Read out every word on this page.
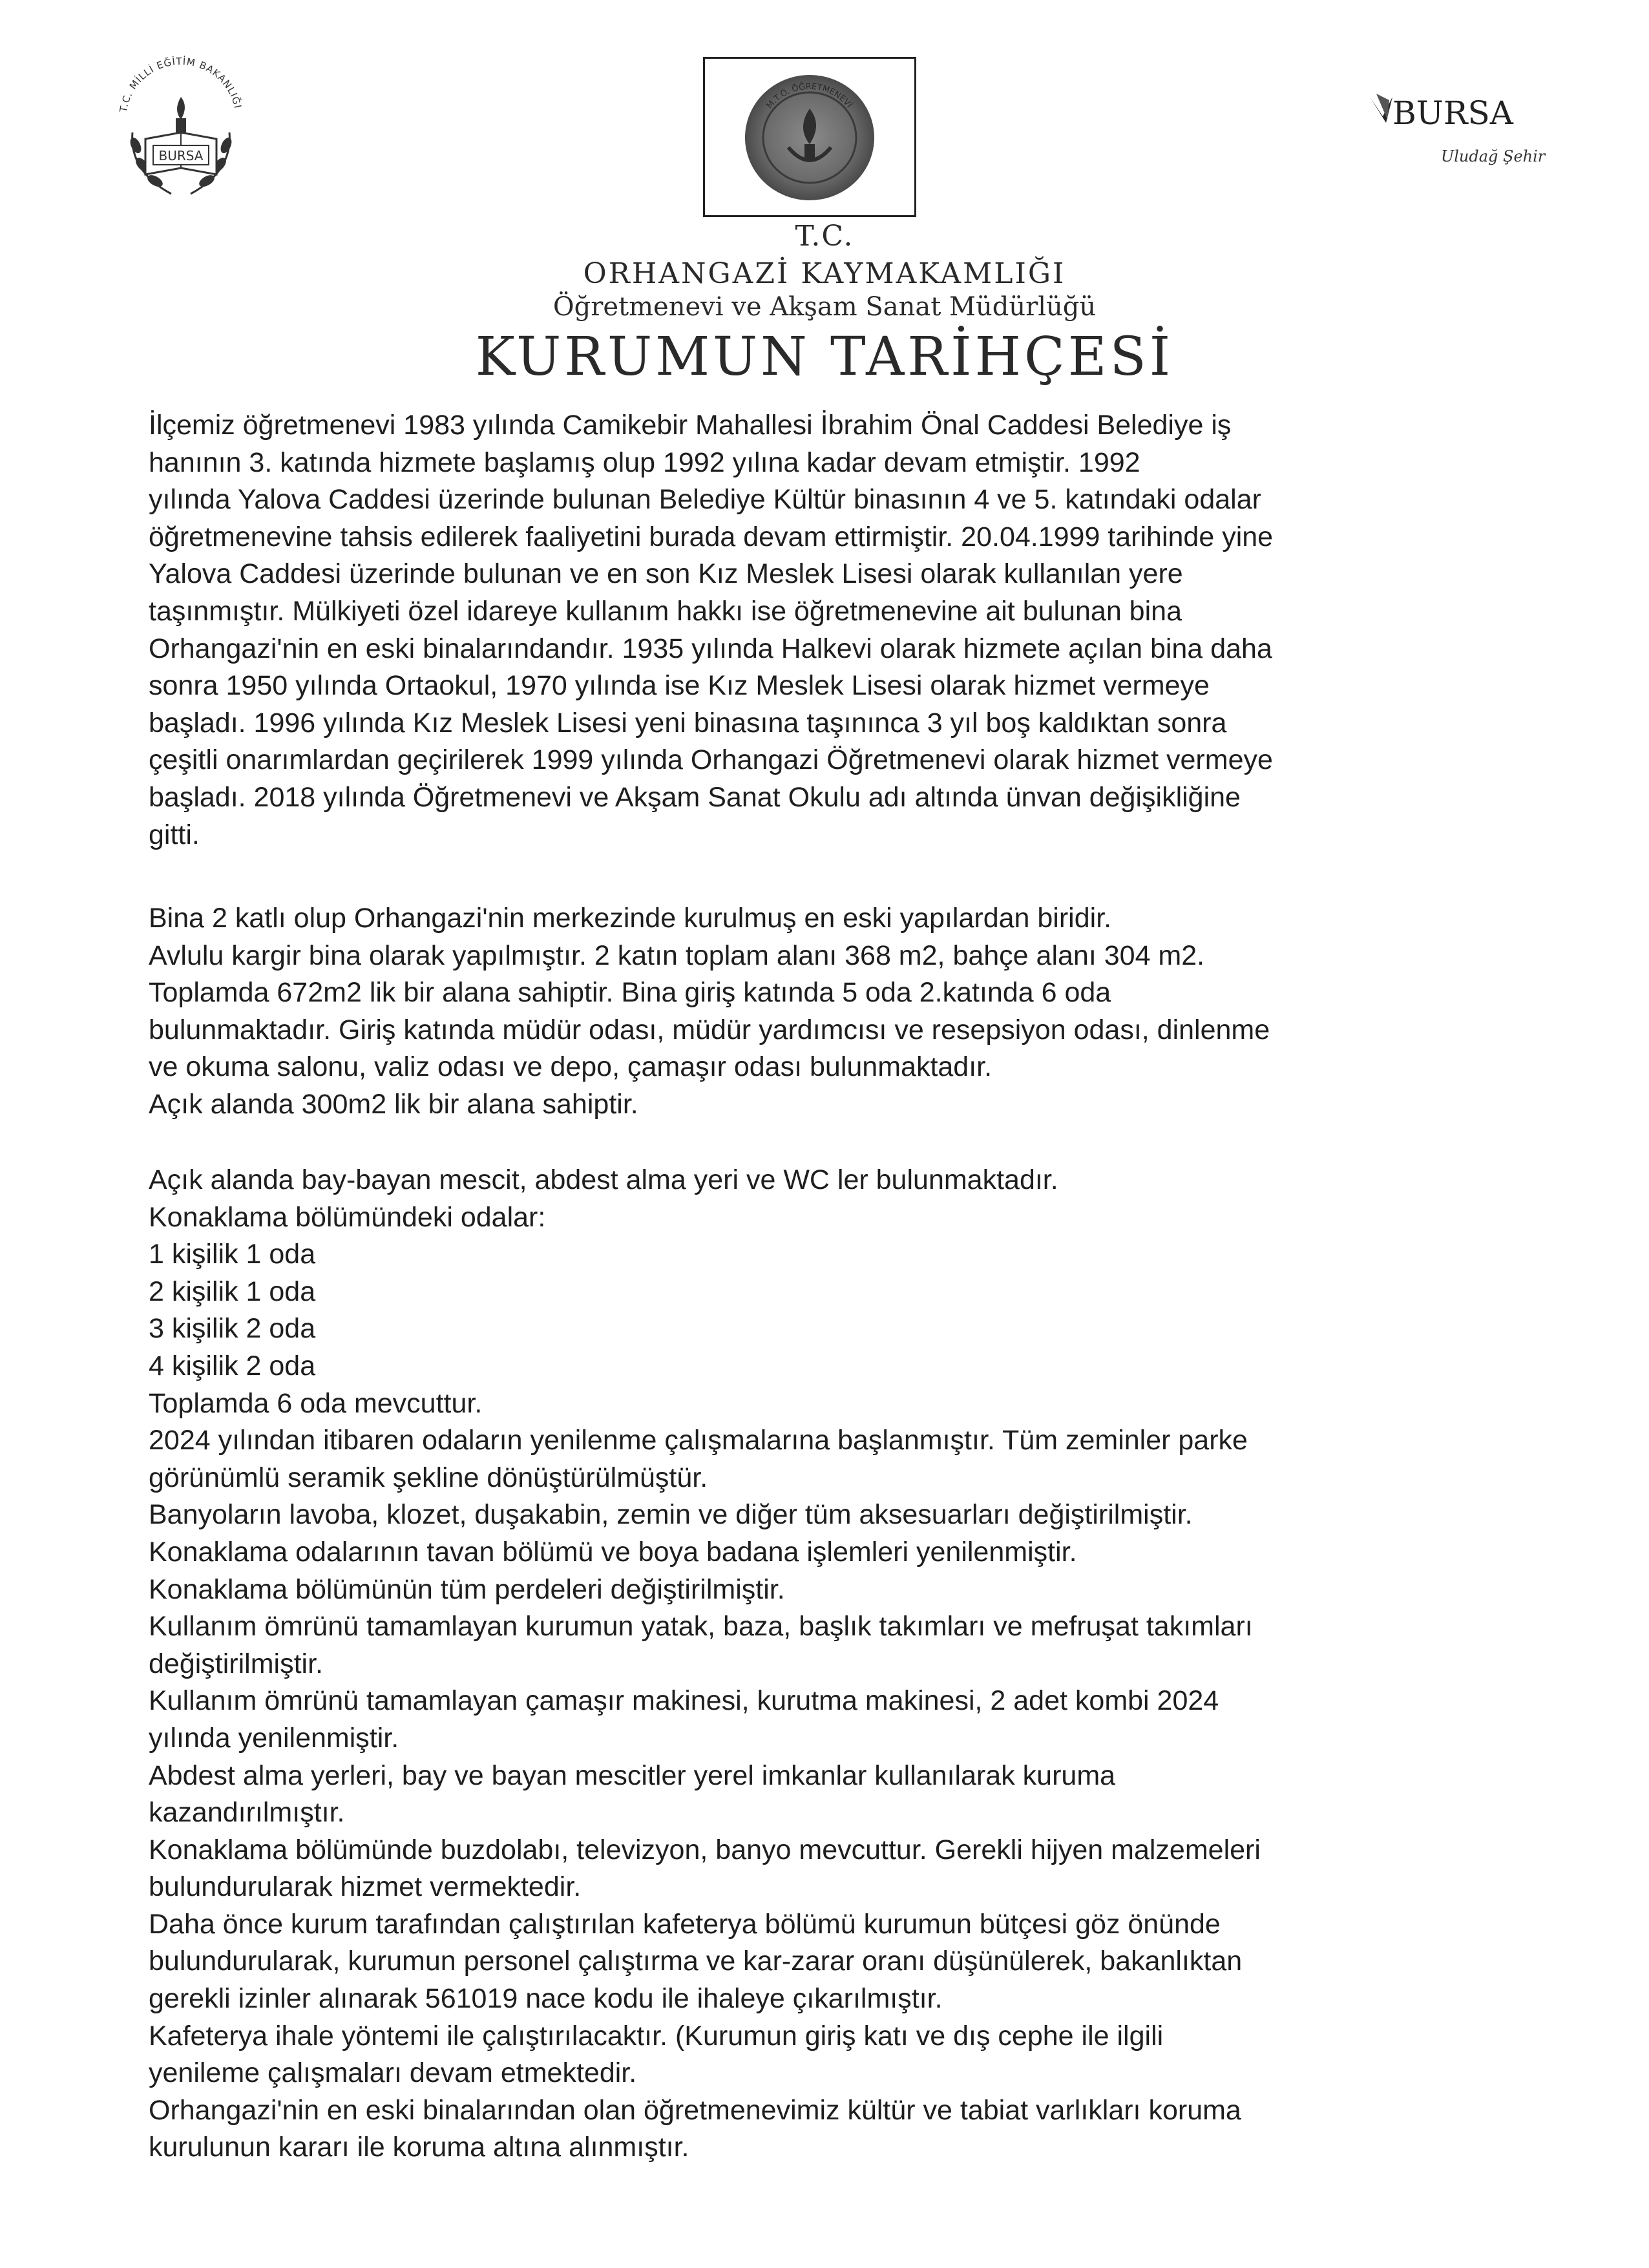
T.C. MİLLİ EĞİTİM BAKANLIĞI
BURSA
M.T.Ö. ÖĞRETMENEVİ	BURSA
Uludağ Şehir
T.C.
ORHANGAZİ KAYMAKAMLIĞI
Öğretmenevi ve Akşam Sanat Müdürlüğü
KURUMUN TARİHÇESİ
İlçemiz öğretmenevi 1983 yılında Camikebir Mahallesi İbrahim Önal Caddesi Belediye iş
hanının 3. katında hizmete başlamış olup 1992 yılına kadar devam etmiştir. 1992
yılında Yalova Caddesi üzerinde bulunan Belediye Kültür binasının 4 ve 5. katındaki odalar
öğretmenevine tahsis edilerek faaliyetini burada devam ettirmiştir. 20.04.1999 tarihinde yine
Yalova Caddesi üzerinde bulunan ve en son Kız Meslek Lisesi olarak kullanılan yere
taşınmıştır. Mülkiyeti özel idareye kullanım hakkı ise öğretmenevine ait bulunan bina
Orhangazi'nin en eski binalarındandır. 1935 yılında Halkevi olarak hizmete açılan bina daha
sonra 1950 yılında Ortaokul, 1970 yılında ise Kız Meslek Lisesi olarak hizmet vermeye
başladı. 1996 yılında Kız Meslek Lisesi yeni binasına taşınınca 3 yıl boş kaldıktan sonra
çeşitli onarımlardan geçirilerek 1999 yılında Orhangazi Öğretmenevi olarak hizmet vermeye
başladı. 2018 yılında Öğretmenevi ve Akşam Sanat Okulu adı altında ünvan değişikliğine
gitti.
Bina 2 katlı olup Orhangazi'nin merkezinde kurulmuş en eski yapılardan biridir.
Avlulu kargir bina olarak yapılmıştır. 2 katın toplam alanı 368 m2, bahçe alanı 304 m2.
Toplamda 672m2 lik bir alana sahiptir. Bina giriş katında 5 oda 2.katında 6 oda
bulunmaktadır. Giriş katında müdür odası, müdür yardımcısı ve resepsiyon odası, dinlenme
ve okuma salonu, valiz odası ve depo, çamaşır odası bulunmaktadır.
Açık alanda 300m2 lik bir alana sahiptir.
Açık alanda bay-bayan mescit, abdest alma yeri ve WC ler bulunmaktadır.
Konaklama bölümündeki odalar:
1 kişilik 1 oda
2 kişilik 1 oda
3 kişilik 2 oda
4 kişilik 2 oda
Toplamda 6 oda mevcuttur.
2024 yılından itibaren odaların yenilenme çalışmalarına başlanmıştır. Tüm zeminler parke
görünümlü seramik şekline dönüştürülmüştür.
Banyoların lavoba, klozet, duşakabin, zemin ve diğer tüm aksesuarları değiştirilmiştir.
Konaklama odalarının tavan bölümü ve boya badana işlemleri yenilenmiştir.
Konaklama bölümünün tüm perdeleri değiştirilmiştir.
Kullanım ömrünü tamamlayan kurumun yatak, baza, başlık takımları ve mefruşat takımları
değiştirilmiştir.
Kullanım ömrünü tamamlayan çamaşır makinesi, kurutma makinesi, 2 adet kombi 2024
yılında yenilenmiştir.
Abdest alma yerleri, bay ve bayan mescitler yerel imkanlar kullanılarak kuruma
kazandırılmıştır.
Konaklama bölümünde buzdolabı, televizyon, banyo mevcuttur. Gerekli hijyen malzemeleri
bulundurularak hizmet vermektedir.
Daha önce kurum tarafından çalıştırılan kafeterya bölümü kurumun bütçesi göz önünde
bulundurularak, kurumun personel çalıştırma ve kar-zarar oranı düşünülerek, bakanlıktan
gerekli izinler alınarak 561019 nace kodu ile ihaleye çıkarılmıştır.
Kafeterya ihale yöntemi ile çalıştırılacaktır. (Kurumun giriş katı ve dış cephe ile ilgili
yenileme çalışmaları devam etmektedir.
Orhangazi'nin en eski binalarından olan öğretmenevimiz kültür ve tabiat varlıkları koruma
kurulunun kararı ile koruma altına alınmıştır.
